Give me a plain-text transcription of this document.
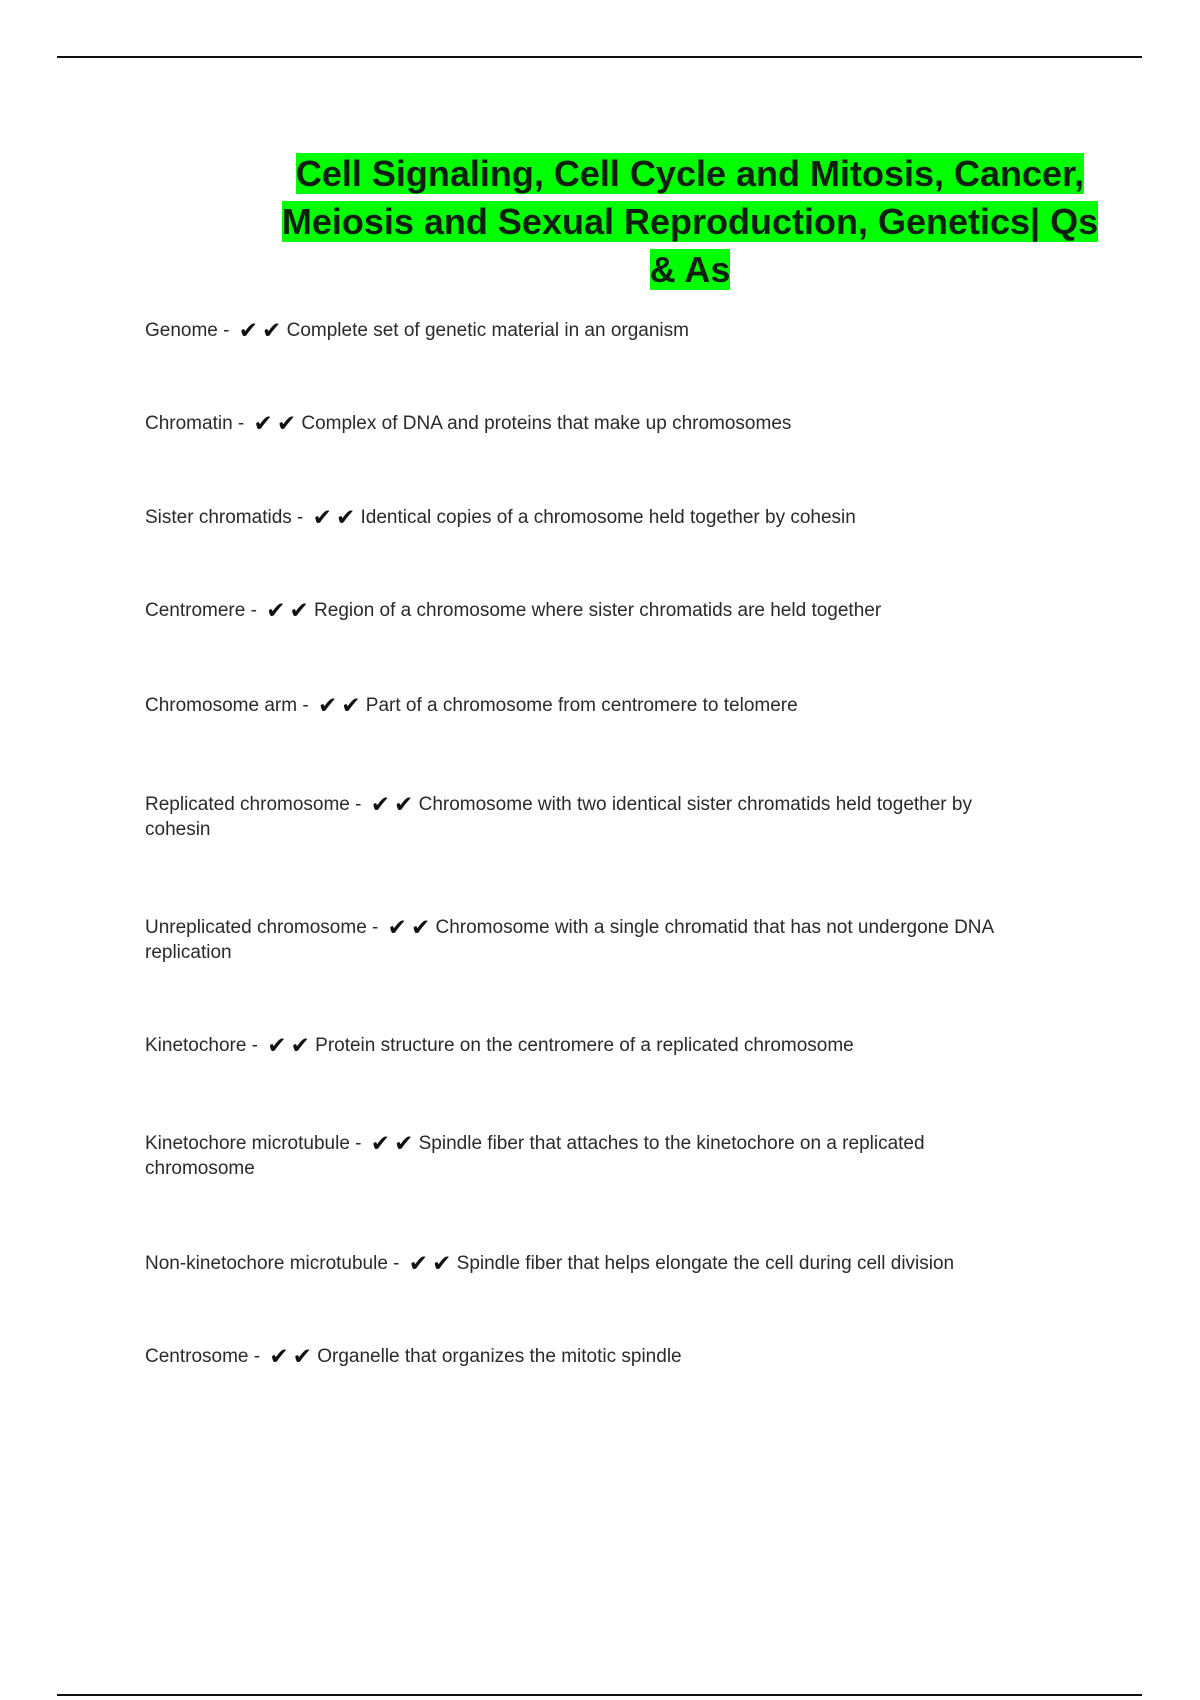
Cell Signaling, Cell Cycle and Mitosis, Cancer, Meiosis and Sexual Reproduction, Genetics| Qs & As
Genome - ✔ ✔ Complete set of genetic material in an organism
Chromatin - ✔ ✔ Complex of DNA and proteins that make up chromosomes
Sister chromatids - ✔ ✔ Identical copies of a chromosome held together by cohesin
Centromere - ✔ ✔ Region of a chromosome where sister chromatids are held together
Chromosome arm - ✔ ✔ Part of a chromosome from centromere to telomere
Replicated chromosome - ✔ ✔ Chromosome with two identical sister chromatids held together by cohesin
Unreplicated chromosome - ✔ ✔ Chromosome with a single chromatid that has not undergone DNA replication
Kinetochore - ✔ ✔ Protein structure on the centromere of a replicated chromosome
Kinetochore microtubule - ✔ ✔ Spindle fiber that attaches to the kinetochore on a replicated chromosome
Non-kinetochore microtubule - ✔ ✔ Spindle fiber that helps elongate the cell during cell division
Centrosome - ✔ ✔ Organelle that organizes the mitotic spindle
